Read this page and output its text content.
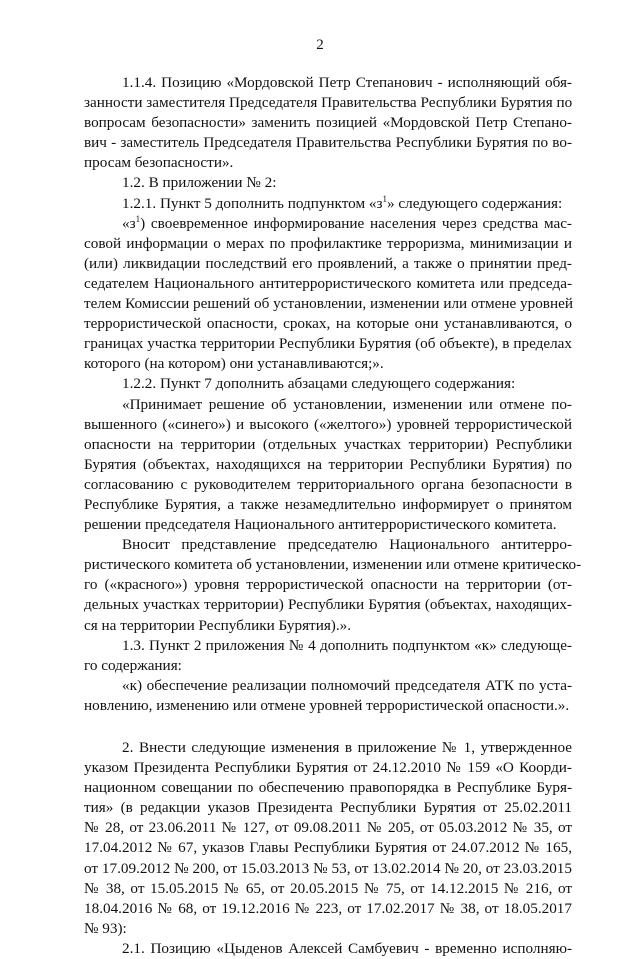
2
1.1.4. Позицию «Мордовской Петр Степанович - исполняющий обя-
занности заместителя Председателя Правительства Республики Бурятия по
вопросам безопасности» заменить позицией «Мордовской Петр Степано-
вич - заместитель Председателя Правительства Республики Бурятия по во-
просам безопасности».
1.2. В приложении № 2:
1.2.1. Пункт 5 дополнить подпунктом «$з^1$» следующего содержания:
«$з^1$) своевременное информирование населения через средства мас-
совой информации о мерах по профилактике терроризма, минимизации и
(или) ликвидации последствий его проявлений, а также о принятии пред-
седателем Национального антитеррористического комитета или председа-
телем Комиссии решений об установлении, изменении или отмене уровней
террористической опасности, сроках, на которые они устанавливаются, о
границах участка территории Республики Бурятия (об объекте), в пределах
которого (на котором) они устанавливаются;».
1.2.2. Пункт 7 дополнить абзацами следующего содержания:
«Принимает решение об установлении, изменении или отмене по-
вышенного («синего») и высокого («желтого») уровней террористической
опасности на территории (отдельных участках территории) Республики
Бурятия (объектах, находящихся на территории Республики Бурятия) по
согласованию с руководителем территориального органа безопасности в
Республике Бурятия, а также незамедлительно информирует о принятом
решении председателя Национального антитеррористического комитета.
Вносит представление председателю Национального антитерро-
ристического комитета об установлении, изменении или отмене критическо-
го («красного») уровня террористической опасности на территории (от-
дельных участках территории) Республики Бурятия (объектах, находящих-
ся на территории Республики Бурятия).».
1.3. Пункт 2 приложения № 4 дополнить подпунктом «к» следующе-
го содержания:
«к) обеспечение реализации полномочий председателя АТК по уста-
новлению, изменению или отмене уровней террористической опасности.».
2. Внести следующие изменения в приложение № 1, утвержденное
указом Президента Республики Бурятия от 24.12.2010 № 159 «О Коорди-
национном совещании по обеспечению правопорядка в Республике Буря-
тия» (в редакции указов Президента Республики Бурятия от 25.02.2011
№ 28, от 23.06.2011 № 127, от 09.08.2011 № 205, от 05.03.2012 № 35, от
17.04.2012 № 67, указов Главы Республики Бурятия от 24.07.2012 № 165,
от 17.09.2012 № 200, от 15.03.2013 № 53, от 13.02.2014 № 20, от 23.03.2015
№ 38, от 15.05.2015 № 65, от 20.05.2015 № 75, от 14.12.2015 № 216, от
18.04.2016 № 68, от 19.12.2016 № 223, от 17.02.2017 № 38, от 18.05.2017
№ 93):
2.1. Позицию «Цыденов Алексей Самбуевич - временно исполняю-
